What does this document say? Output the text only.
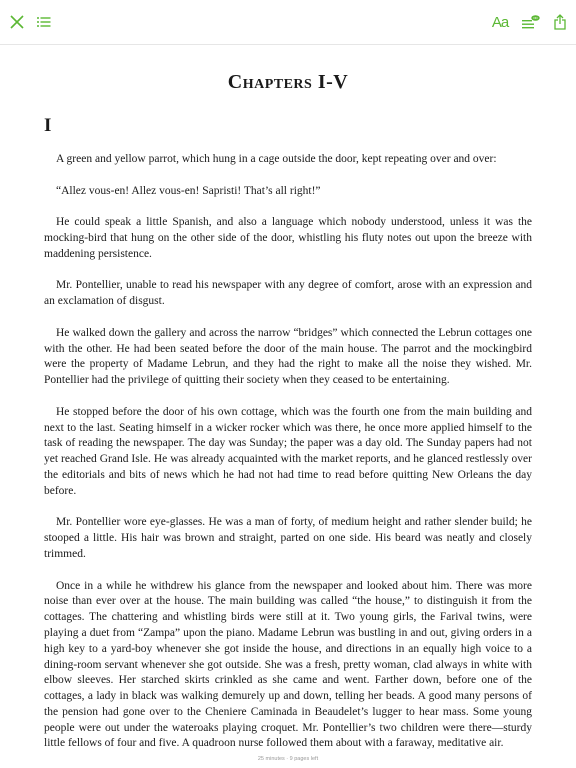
Aa
Chapters I-V
I

A green and yellow parrot, which hung in a cage outside the door, kept repeating over and over:

“Allez vous-en! Allez vous-en! Sapristi! That’s all right!”

He could speak a little Spanish, and also a language which nobody understood, unless it was the mocking-bird that hung on the other side of the door, whistling his fluty notes out upon the breeze with maddening persistence.

Mr. Pontellier, unable to read his newspaper with any degree of comfort, arose with an expression and an exclamation of disgust.

He walked down the gallery and across the narrow “bridges” which connected the Lebrun cottages one with the other. He had been seated before the door of the main house. The parrot and the mockingbird were the property of Madame Lebrun, and they had the right to make all the noise they wished. Mr. Pontellier had the privilege of quitting their society when they ceased to be entertaining.

He stopped before the door of his own cottage, which was the fourth one from the main building and next to the last. Seating himself in a wicker rocker which was there, he once more applied himself to the task of reading the newspaper. The day was Sunday; the paper was a day old. The Sunday papers had not yet reached Grand Isle. He was already acquainted with the market reports, and he glanced restlessly over the editorials and bits of news which he had not had time to read before quitting New Orleans the day before.

Mr. Pontellier wore eye-glasses. He was a man of forty, of medium height and rather slender build; he stooped a little. His hair was brown and straight, parted on one side. His beard was neatly and closely trimmed.

Once in a while he withdrew his glance from the newspaper and looked about him. There was more noise than ever over at the house. The main building was called “the house,” to distinguish it from the cottages. The chattering and whistling birds were still at it. Two young girls, the Farival twins, were playing a duet from “Zampa” upon the piano. Madame Lebrun was bustling in and out, giving orders in a high key to a yard-boy whenever she got inside the house, and directions in an equally high voice to a dining-room servant whenever she got outside. She was a fresh, pretty woman, clad always in white with elbow sleeves. Her starched skirts crinkled as she came and went. Farther down, before one of the cottages, a lady in black was walking demurely up and down, telling her beads. A good many persons of the pension had gone over to the Cheniere Caminada in Beaudelet’s lugger to hear mass. Some young people were out under the wateroaks playing croquet. Mr. Pontellier’s two children were there—sturdy little fellows of four and five. A quadroon nurse followed them about with a faraway, meditative air.

25 minutes · 9 pages left
